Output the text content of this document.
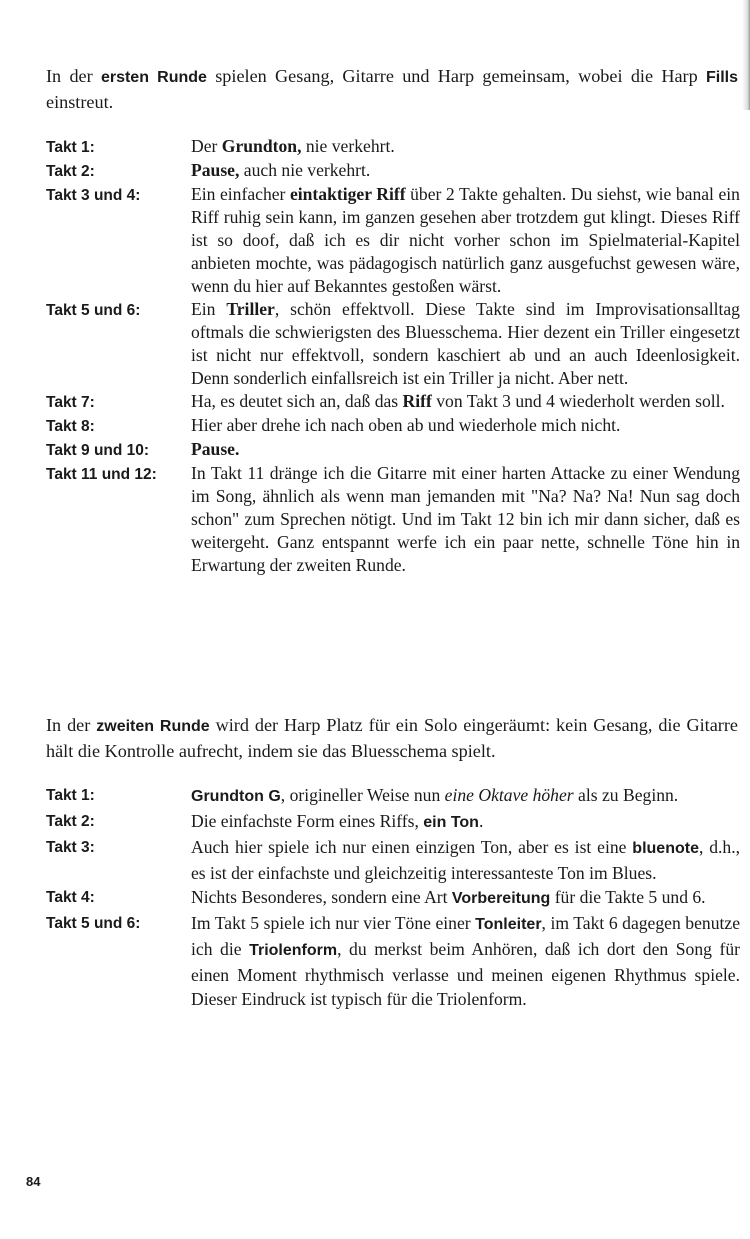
In der ersten Runde spielen Gesang, Gitarre und Harp gemeinsam, wobei die Harp Fills einstreut.

Takt 1:	Der Grundton, nie verkehrt.
Takt 2:	Pause, auch nie verkehrt.
Takt 3 und 4:	Ein einfacher eintaktiger Riff über 2 Takte gehalten. Du siehst, wie banal ein Riff ruhig sein kann, im ganzen gesehen aber trotzdem gut klingt. Dieses Riff ist so doof, daß ich es dir nicht vorher schon im Spielmaterial-Kapitel anbieten mochte, was pädagogisch natürlich ganz ausgefuchst gewesen wäre, wenn du hier auf Bekanntes gestoßen wärst.
Takt 5 und 6:	Ein Triller, schön effektvoll. Diese Takte sind im Improvisationsalltag oftmals die schwierigsten des Bluesschema. Hier dezent ein Triller eingesetzt ist nicht nur effektvoll, sondern kaschiert ab und an auch Ideenlosigkeit. Denn sonderlich einfallsreich ist ein Triller ja nicht. Aber nett.
Takt 7:	Ha, es deutet sich an, daß das Riff von Takt 3 und 4 wiederholt werden soll.
Takt 8:	Hier aber drehe ich nach oben ab und wiederhole mich nicht.
Takt 9 und 10:	Pause.
Takt 11 und 12:	In Takt 11 dränge ich die Gitarre mit einer harten Attacke zu einer Wendung im Song, ähnlich als wenn man jemanden mit "Na? Na? Na! Nun sag doch schon" zum Sprechen nötigt. Und im Takt 12 bin ich mir dann sicher, daß es weitergeht. Ganz entspannt werfe ich ein paar nette, schnelle Töne hin in Erwartung der zweiten Runde.

In der zweiten Runde wird der Harp Platz für ein Solo eingeräumt: kein Gesang, die Gitarre hält die Kontrolle aufrecht, indem sie das Bluesschema spielt.

Takt 1:	Grundton G, origineller Weise nun eine Oktave höher als zu Beginn.
Takt 2:	Die einfachste Form eines Riffs, ein Ton.
Takt 3:	Auch hier spiele ich nur einen einzigen Ton, aber es ist eine bluenote, d.h., es ist der einfachste und gleichzeitig interessanteste Ton im Blues.
Takt 4:	Nichts Besonderes, sondern eine Art Vorbereitung für die Takte 5 und 6.
Takt 5 und 6:	Im Takt 5 spiele ich nur vier Töne einer Tonleiter, im Takt 6 dagegen benutze ich die Triolenform, du merkst beim Anhören, daß ich dort den Song für einen Moment rhythmisch verlasse und meinen eigenen Rhythmus spiele. Dieser Eindruck ist typisch für die Triolenform.
84
